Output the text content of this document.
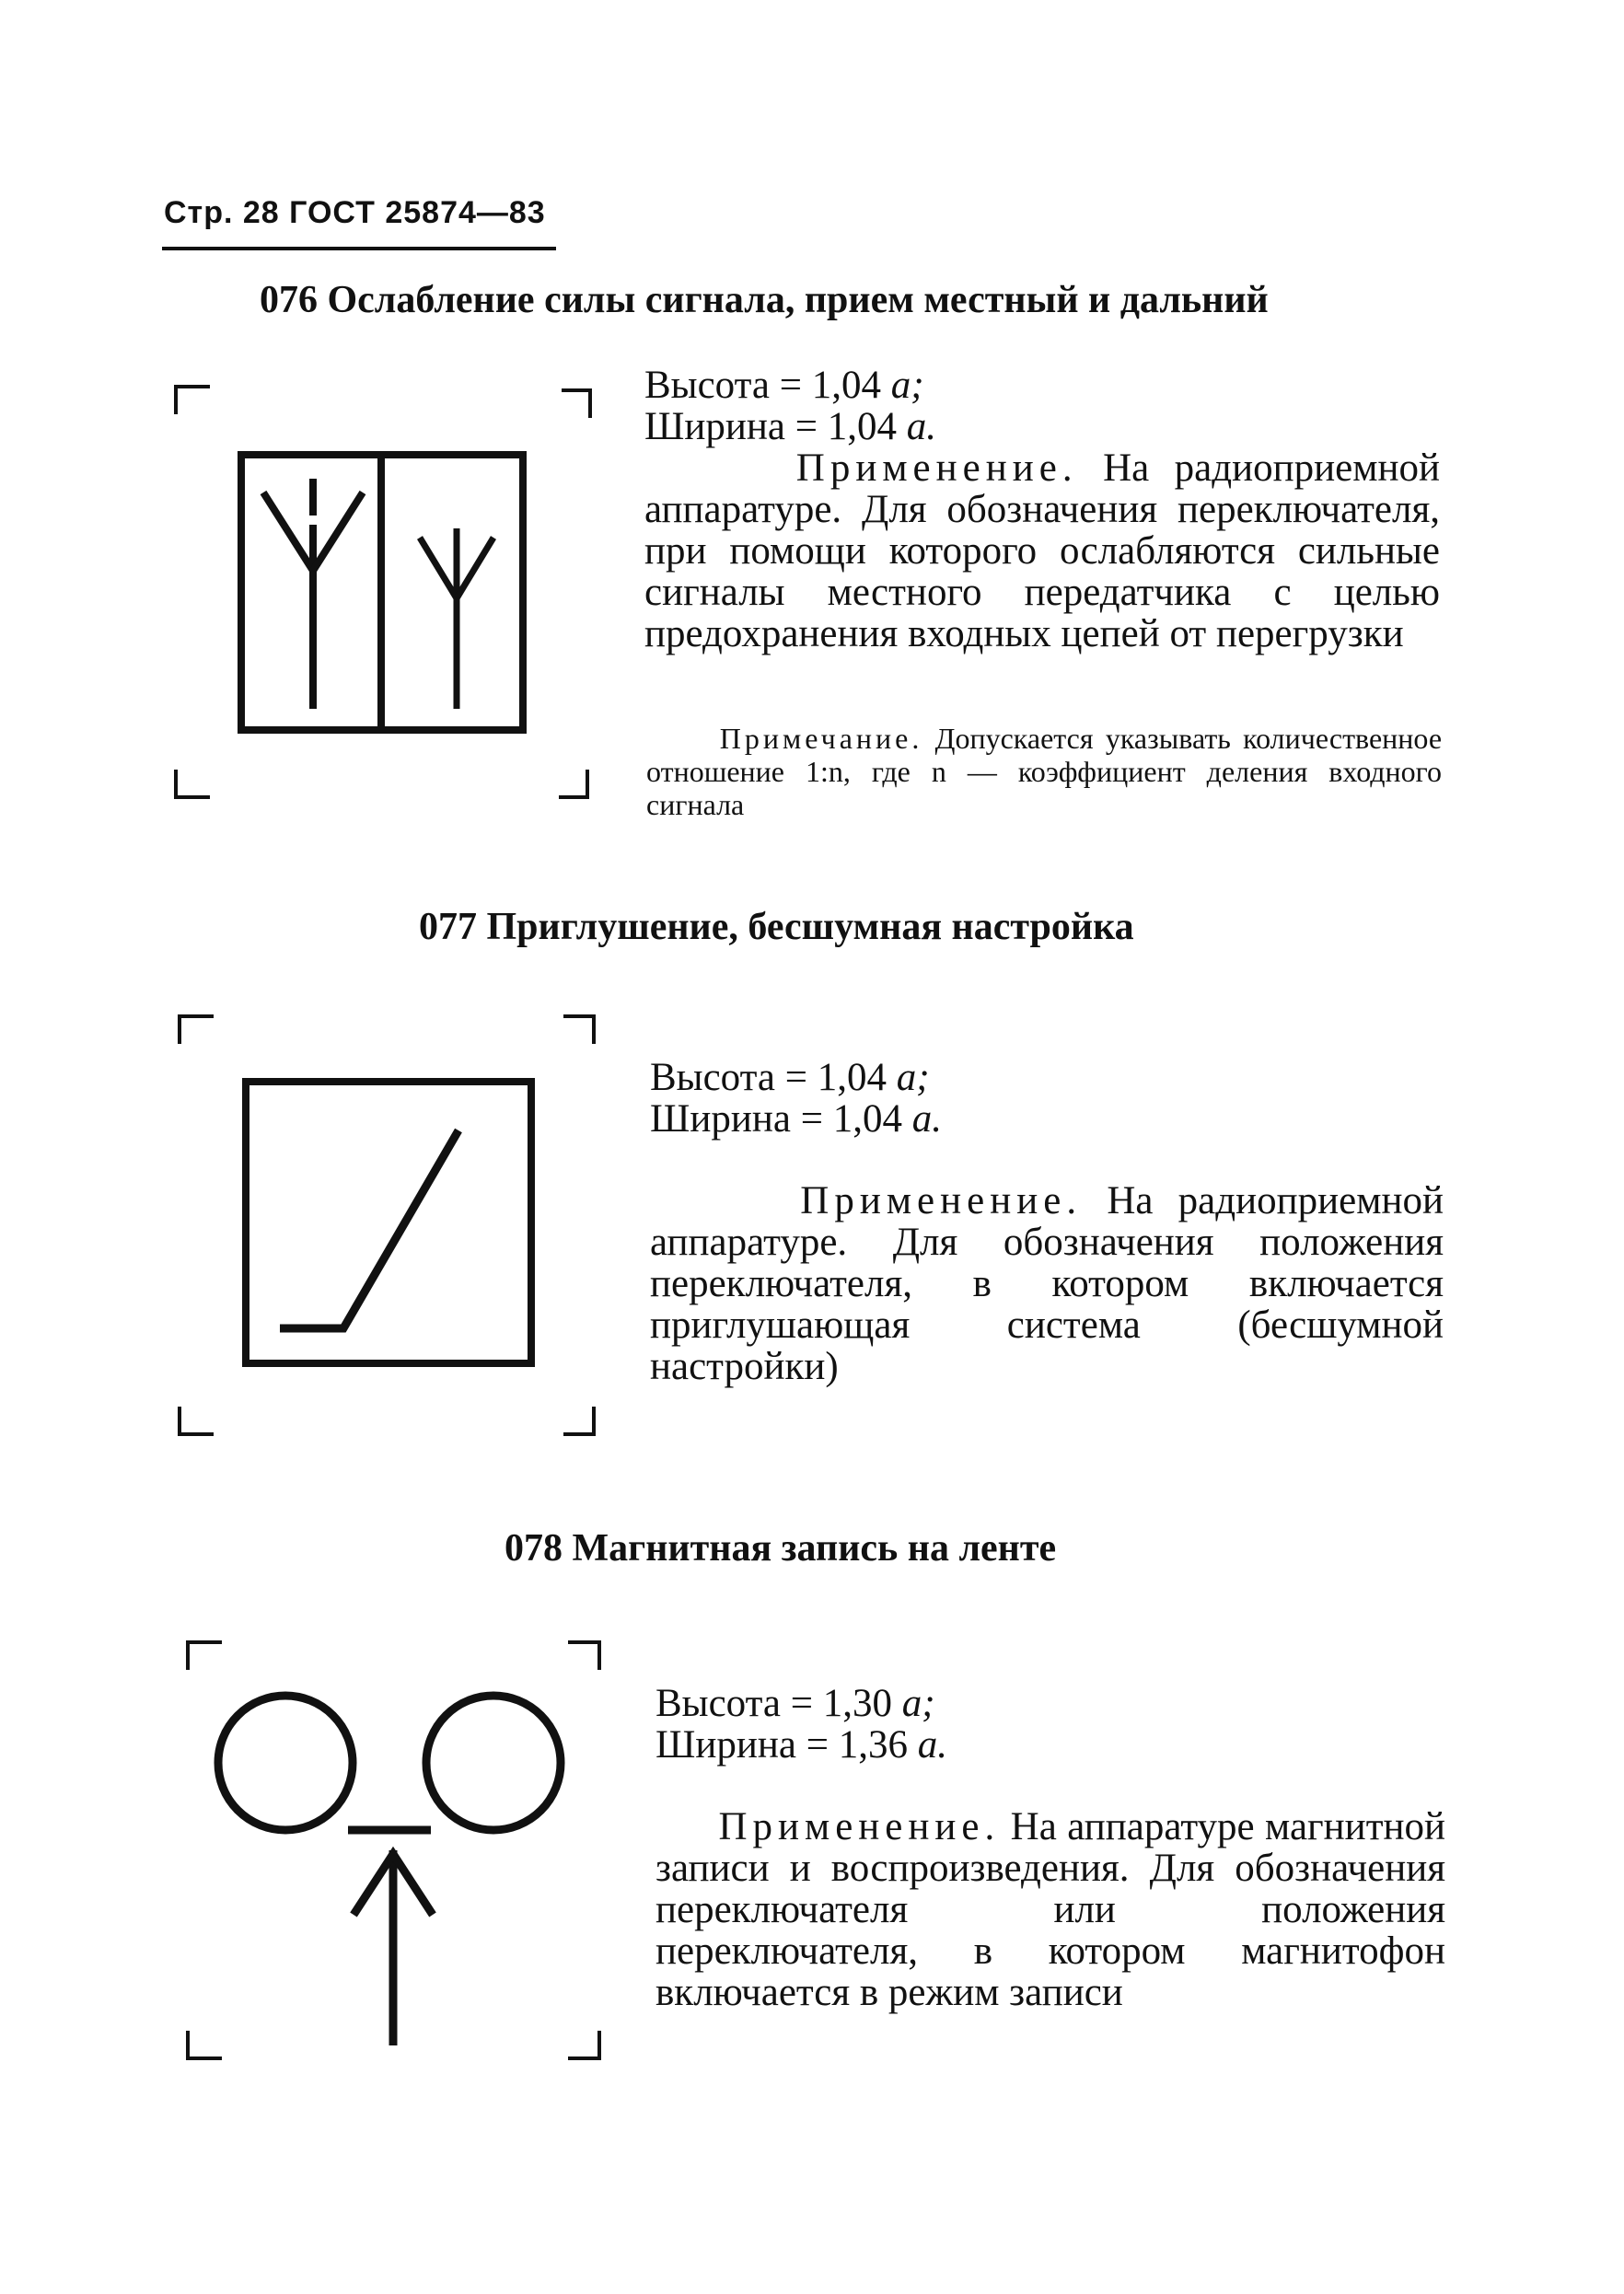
Стр. 28 ГОСТ 25874—83
076 Ослабление силы сигнала, прием местный и дальний
077 Приглушение, бесшумная настройка
078 Магнитная запись на ленте

Высота = 1,04 a;

Ширина = 1,04 a.

Применение. На радиоприемной аппаратуре. Для обозначения переключателя, при помощи которого ослабляются сильные сигналы местного передатчика с целью предохранения входных цепей от перегрузки

Примечание. Допускается указывать количественное отношение 1:n, где n — коэффициент деления входного сигнала

Высота = 1,04 a;

Ширина = 1,04 a.

Применение. На радиоприемной аппаратуре. Для обозначения положения переключателя, в котором включается приглушающая система (бесшумной настройки)

Высота = 1,30 a;

Ширина = 1,36 a.

Применение. На аппаратуре магнитной записи и воспроизведения. Для обозначения переключателя или положения переключателя, в котором магнитофон включается в режим записи
